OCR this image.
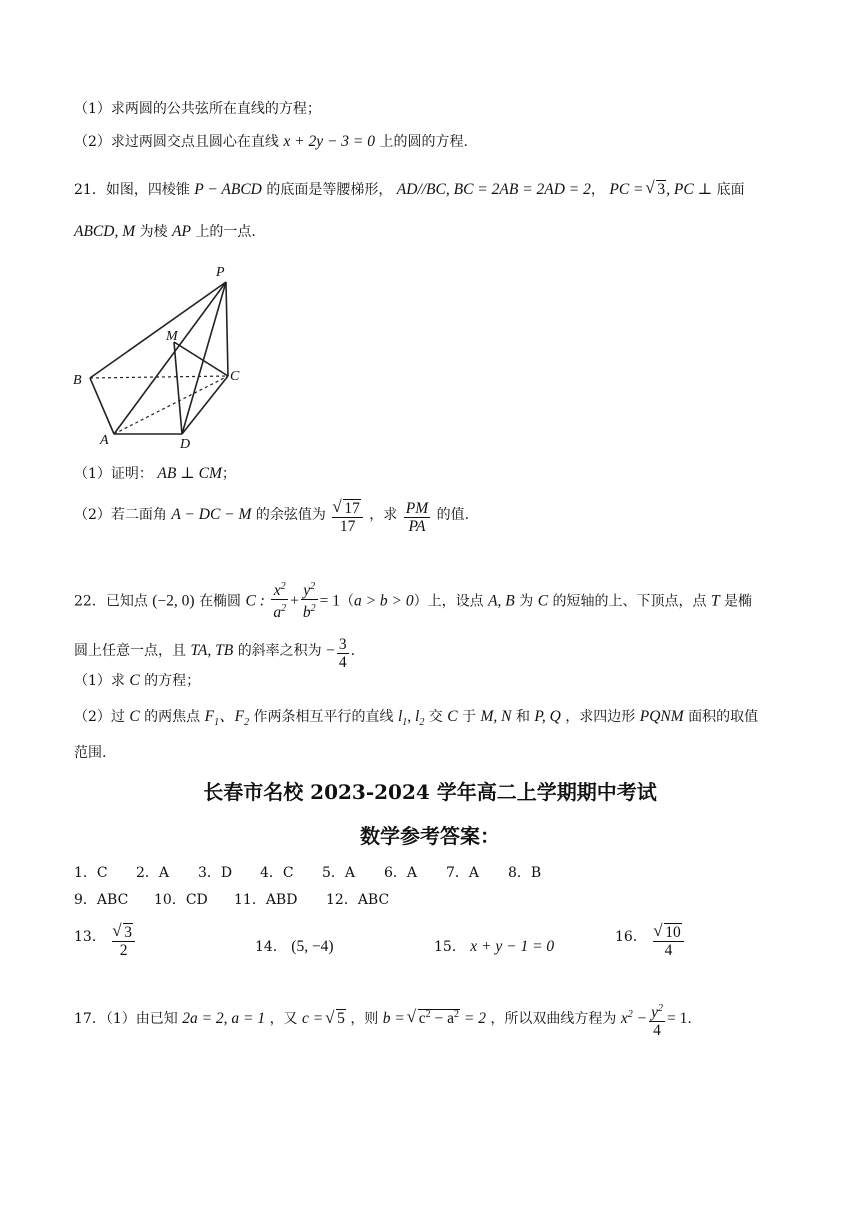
（1）求两圆的公共弦所在直线的方程；
（2）求过两圆交点且圆心在直线 x + 2y − 3 = 0 上的圆的方程.
21．如图，四棱锥 P − ABCD 的底面是等腰梯形， AD//BC, BC = 2AB = 2AD = 2， PC = √ 3, PC ⊥ 底面
ABCD, M 为棱 AP 上的一点.
P
M
B	C
A	D
（1）证明： AB ⊥ CM；
（2）若二面角 A − DC − M 的余弦值为 √ $\frac{17}{17}$ ，求 $\frac{PM}{PA}$ 的值.
22．已知点 (−2, 0) 在椭圆 C : $\frac{x^2}{a^2} + \frac{y^2}{b^2} = 1(a > b > 0)$上，设点 A, B 为 C 的短轴的上、下顶点，点 T 是椭
圆上任意一点，且 TA, TB 的斜率之积为 − $\frac{3}{4}$ .
（1）求 C 的方程；
（2）过 C 的两焦点 $F_1$、$F_2$ 作两条相互平行的直线 $l_1$, $l_2$ 交 C 于 M, N 和 P, Q ，求四边形 PQNM 面积的取值
范围.
长春市名校 2023-2024 学年高二上学期期中考试
数学参考答案：
1．C 2．A 3．D 4．C 5．A 6．A 7．A 8．B
9．ABC 10．CD 11．ABD 12．ABC
13． √ $\frac{3}{2}$	14． (5, −4)	15． x + y − 1 = 0
16． √ $\frac{10}{4}$
17．（1）由已知 2a = 2, a = 1 ，又 c = √ 5 ，则 b = √ $c^2 - a^2 = 2$ ，所以双曲线方程为 $x^2 - \frac{y^2}{4} = 1$.
